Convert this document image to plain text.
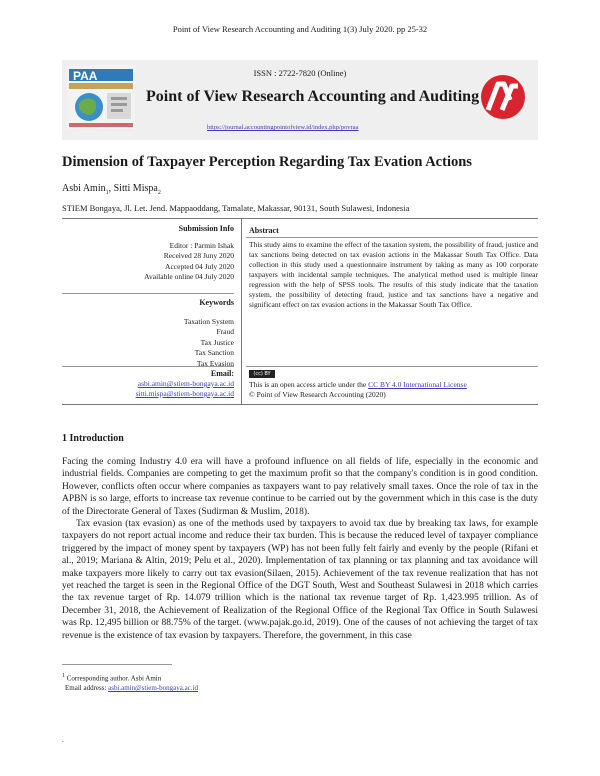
Point of View Research Accounting and Auditing 1(3) July 2020. pp 25-32
PAA	ISSN : 2722-7820 (Online)
Point of View Research Accounting and Auditing
https://journal.accountingpointofview.id/index.php/povraa
Dimension of Taxpayer Perception Regarding Tax Evation Actions
Asbi Amin$_1$, Sitti Mispa$_2$
STIEM Bongaya, Jl. Let. Jend. Mappaoddang, Tamalate, Makassar, 90131, South Sulawesi, Indonesia
Submission Info
Editor : Parmin Ishak
Received 28 Juny 2020
Accepted 04 July 2020
Available online 04 July 2020
Keywords
Taxation System
Fraud
Tax Justice
Tax Sanction
Tax Evasion
Email:
asbi.amin@stiem-bongaya.ac.id
sitti.mispa@stiem-bongaya.ac.id
Abstract
This study aims to examine the effect of the taxation system, the possibility of fraud, justice and tax sanctions being detected on tax evasion actions in the Makassar South Tax Office. Data collection in this study used a questionnaire instrument by taking as many as 100 corporate taxpayers with incidental sample techniques. The analytical method used is multiple linear regression with the help of SPSS tools. The results of this study indicate that the taxation system, the possibility of detecting fraud, justice and tax sanctions have a negative and significant effect on tax evasion actions in the Makassar South Tax Office.
(cc) BY
This is an open access article under the CC BY 4.0 International License
© Point of View Research Accounting (2020)
1 Introduction

Facing the coming Industry 4.0 era will have a profound influence on all fields of life, especially in the economic and industrial fields. Companies are competing to get the maximum profit so that the company's condition is in good condition. However, conflicts often occur where companies as taxpayers want to pay relatively small taxes. Once the role of tax in the APBN is so large, efforts to increase tax revenue continue to be carried out by the government which in this case is the duty of the Directorate General of Taxes (Sudirman & Muslim, 2018).

Tax evasion (tax evasion) as one of the methods used by taxpayers to avoid tax due by breaking tax laws, for example taxpayers do not report actual income and reduce their tax burden. This is because the reduced level of taxpayer compliance triggered by the impact of money spent by taxpayers (WP) has not been fully felt fairly and evenly by the people (Rifani et al., 2019; Mariana & Altin, 2019; Pelu et al., 2020). Implementation of tax planning or tax planning and tax avoidance will make taxpayers more likely to carry out tax evasion(Silaen, 2015). Achievement of the tax revenue realization that has not yet reached the target is seen in the Regional Office of the DGT South, West and Southeast Sulawesi in 2018 which carries the tax revenue target of Rp. 14.079 trillion which is the national tax revenue target of Rp. 1,423.995 trillion. As of December 31, 2018, the Achievement of Realization of the Regional Office of the Regional Tax Office in South Sulawesi was Rp. 12,495 billion or 88.75% of the target. (www.pajak.go.id, 2019). One of the causes of not achieving the target of tax revenue is the existence of tax evasion by taxpayers. Therefore, the government, in this case

$^1$ Corresponding author. Asbi Amin
Email address: asbi.amin@stiem-bongaya.ac.id
.
